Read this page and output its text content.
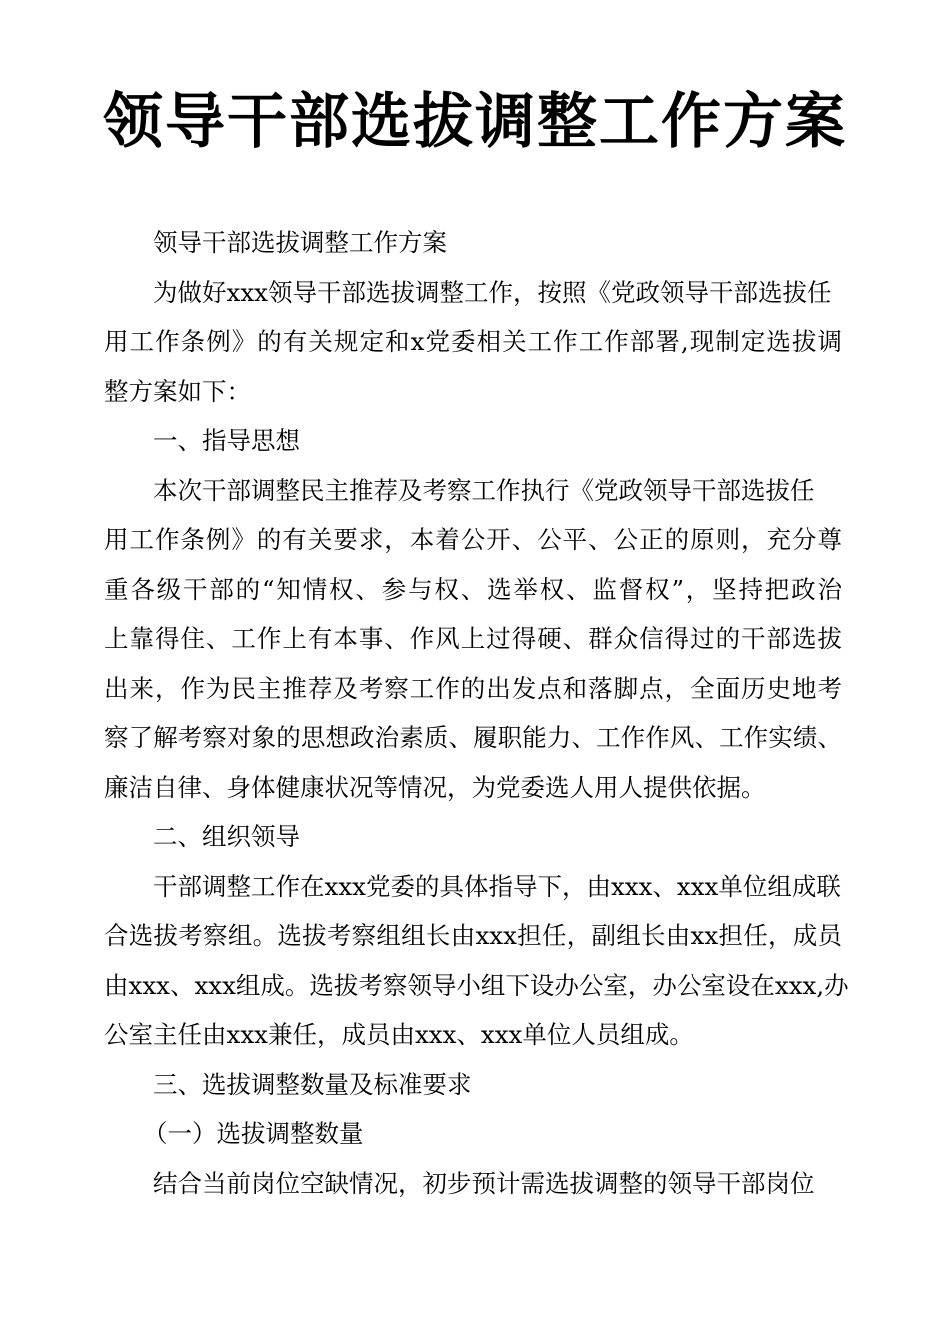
领导干部选拔调整工作方案

领导干部选拔调整工作方案

为做好xxx领导干部选拔调整工作，按照《党政领导干部选拔任

用工作条例》的有关规定和x党委相关工作工作部署,现制定选拔调

整方案如下：

一、指导思想

本次干部调整民主推荐及考察工作执行《党政领导干部选拔任

用工作条例》的有关要求，本着公开、公平、公正的原则，充分尊

重各级干部的“知情权、参与权、选举权、监督权”，坚持把政治

上靠得住、工作上有本事、作风上过得硬、群众信得过的干部选拔

出来，作为民主推荐及考察工作的出发点和落脚点，全面历史地考

察了解考察对象的思想政治素质、履职能力、工作作风、工作实绩、

廉洁自律、身体健康状况等情况，为党委选人用人提供依据。

二、组织领导

干部调整工作在xxx党委的具体指导下，由xxx、xxx单位组成联

合选拔考察组。选拔考察组组长由xxx担任，副组长由xx担任，成员

由xxx、xxx组成。选拔考察领导小组下设办公室，办公室设在xxx,办

公室主任由xxx兼任，成员由xxx、xxx单位人员组成。

三、选拔调整数量及标准要求

（一）选拔调整数量

结合当前岗位空缺情况，初步预计需选拔调整的领导干部岗位
